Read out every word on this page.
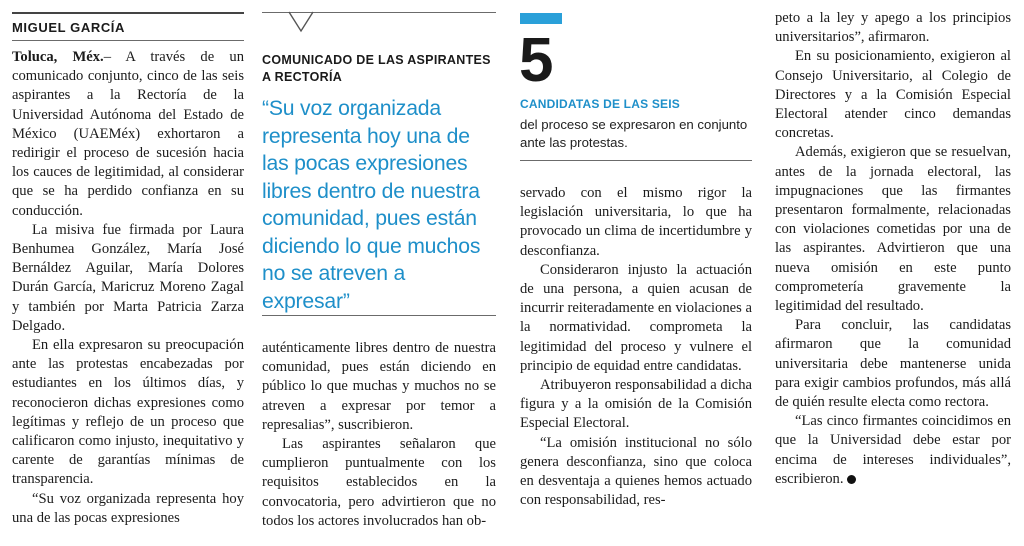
MIGUEL GARCÍA

Toluca, Méx.– A través de un comunicado conjunto, cinco de las seis aspirantes a la Rectoría de la Universidad Autónoma del Estado de México (UAEMéx) exhortaron a redirigir el proceso de sucesión hacia los cauces de legitimidad, al considerar que se ha perdido confianza en su conducción.

La misiva fue firmada por Laura Benhumea González, María José Bernáldez Aguilar, María Dolores Durán García, Maricruz Moreno Zagal y también por Marta Patricia Zarza Delgado.

En ella expresaron su preocupación ante las protestas encabezadas por estudiantes en los últimos días, y reconocieron dichas expresiones como legítimas y reflejo de un proceso que calificaron como injusto, inequitativo y carente de garantías mínimas de transparencia.

“Su voz organizada representa hoy una de las pocas expresiones

COMUNICADO DE LAS ASPIRANTES A RECTORÍA
“Su voz organizada representa hoy una de las pocas expresiones libres dentro de nuestra comunidad, pues están diciendo lo que muchos no se atreven a expresar”

auténticamente libres dentro de nuestra comunidad, pues están diciendo en público lo que muchas y muchos no se atreven a expresar por temor a represalias”, suscribieron.

Las aspirantes señalaron que cumplieron puntualmente con los requisitos establecidos en la convocatoria, pero advirtieron que no todos los actores involucrados han ob-

5
CANDIDATAS DE LAS SEIS
del proceso se expresaron en conjunto ante las protestas.

servado con el mismo rigor la legislación universitaria, lo que ha provocado un clima de incertidumbre y desconfianza.

Consideraron injusto la actuación de una persona, a quien acusan de incurrir reiteradamente en violaciones a la normatividad. comprometa la legitimidad del proceso y vulnere el principio de equidad entre candidatas.

Atribuyeron responsabilidad a dicha figura y a la omisión de la Comisión Especial Electoral.

“La omisión institucional no sólo genera desconfianza, sino que coloca en desventaja a quienes hemos actuado con responsabilidad, res-

peto a la ley y apego a los principios universitarios”, afirmaron.

En su posicionamiento, exigieron al Consejo Universitario, al Colegio de Directores y a la Comisión Especial Electoral atender cinco demandas concretas.

Además, exigieron que se resuelvan, antes de la jornada electoral, las impugnaciones que las firmantes presentaron formalmente, relacionadas con violaciones cometidas por una de las aspirantes. Advirtieron que una nueva omisión en este punto comprometería gravemente la legitimidad del resultado.

Para concluir, las candidatas afirmaron que la comunidad universitaria debe mantenerse unida para exigir cambios profundos, más allá de quién resulte electa como rectora.

“Las cinco firmantes coincidimos en que la Universidad debe estar por encima de intereses individuales”, escribieron.
